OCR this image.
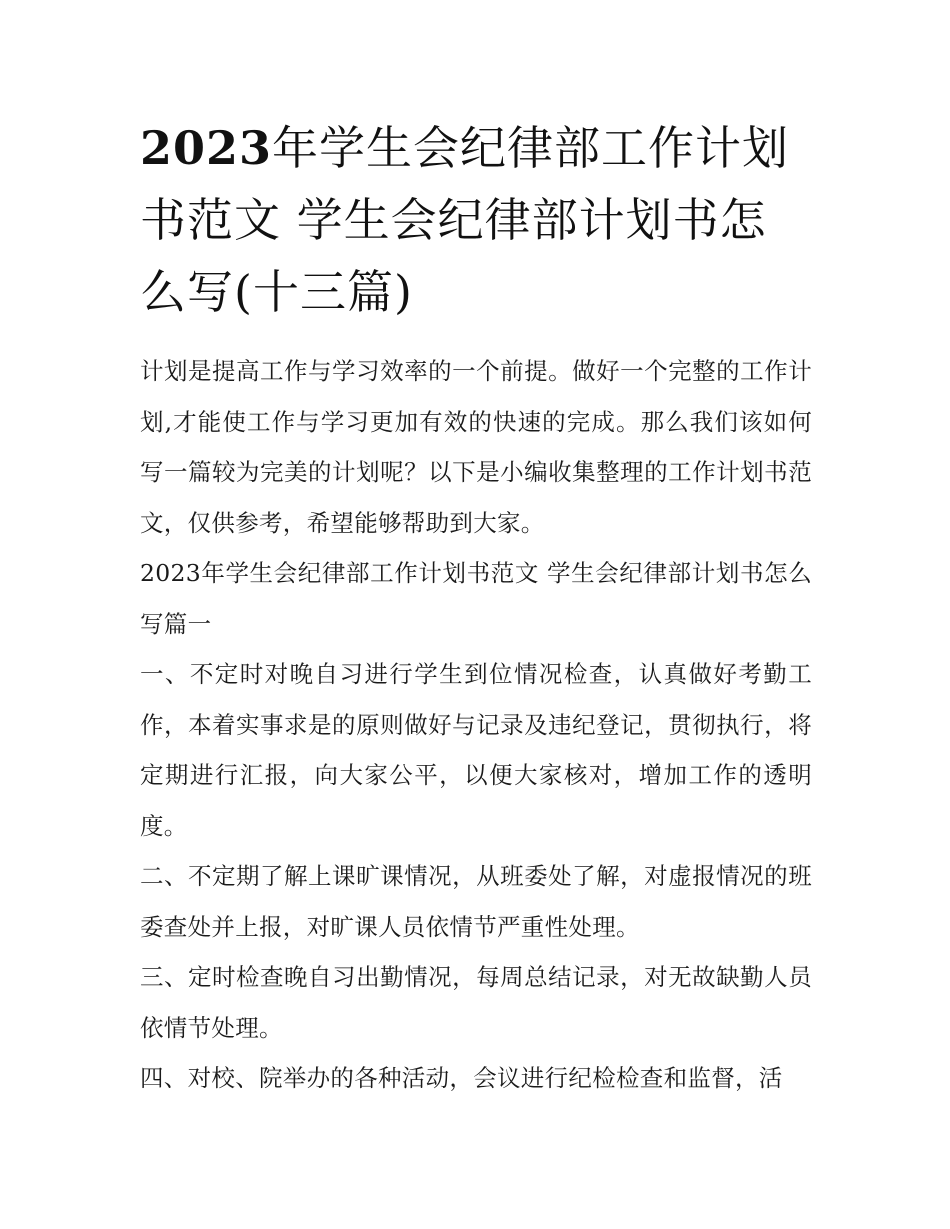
2023年学生会纪律部工作计划书范文 学生会纪律部计划书怎么写(十三篇)

计划是提高工作与学习效率的一个前提。做好一个完整的工作计划,才能使工作与学习更加有效的快速的完成。那么我们该如何写一篇较为完美的计划呢？以下是小编收集整理的工作计划书范文，仅供参考，希望能够帮助到大家。

2023年学生会纪律部工作计划书范文 学生会纪律部计划书怎么写篇一

一、不定时对晚自习进行学生到位情况检查，认真做好考勤工作，本着实事求是的原则做好与记录及违纪登记，贯彻执行，将定期进行汇报，向大家公平，以便大家核对，增加工作的透明度。

二、不定期了解上课旷课情况，从班委处了解，对虚报情况的班委查处并上报，对旷课人员依情节严重性处理。

三、定时检查晚自习出勤情况，每周总结记录，对无故缺勤人员依情节处理。

四、对校、院举办的各种活动，会议进行纪检检查和监督，活
